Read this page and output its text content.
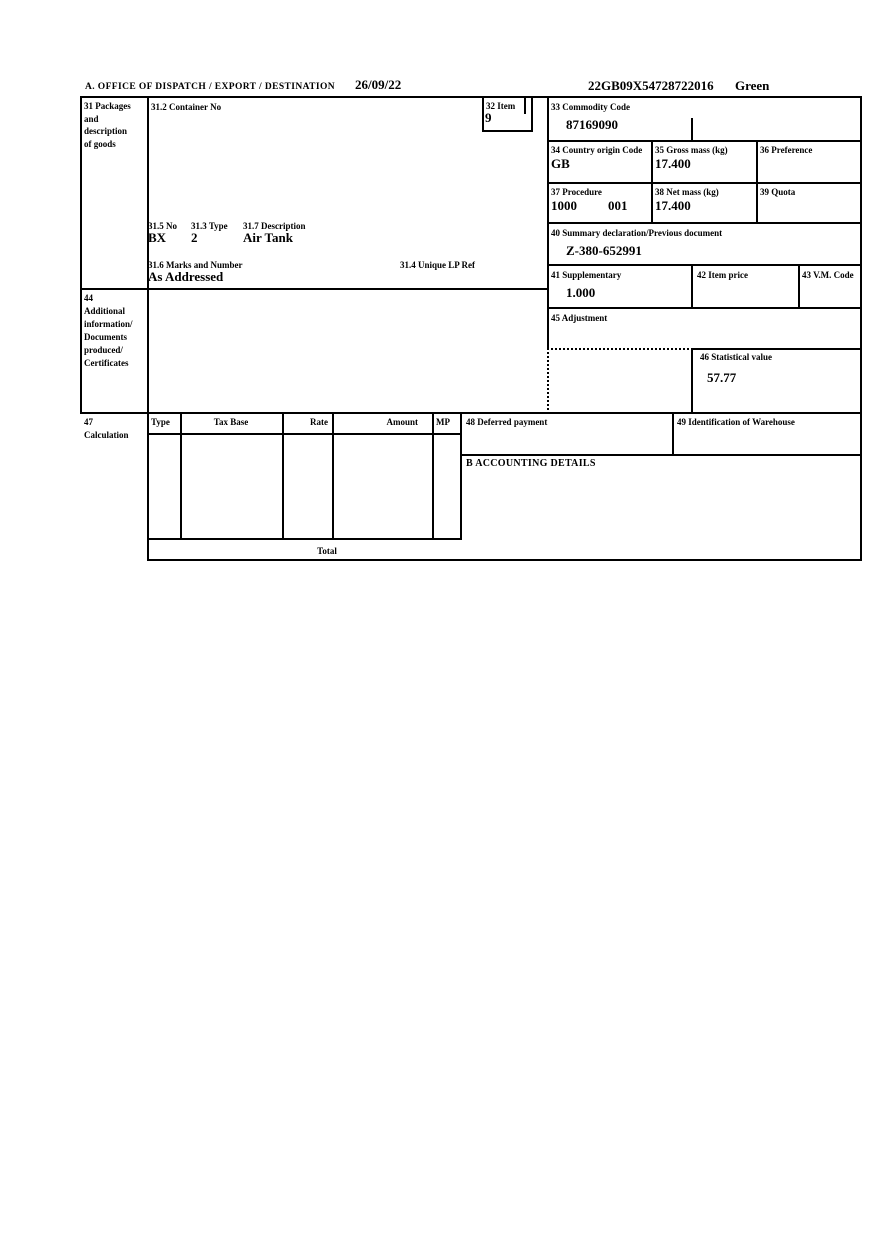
A. OFFICE OF DISPATCH / EXPORT / DESTINATION 26/09/22	22GB09X54728722016 Green
31 Packages
and
description
of goods
31.2 Container No	32 Item
9
33 Commodity Code
87169090
34 Country origin Code
GB
35 Gross mass (kg)
17.400
36 Preference
37 Procedure
1000 001
38 Net mass (kg)
17.400
39 Quota
31.5 No
BX
31.3 Type
2
31.7 Description
Air Tank	40 Summary declaration/Previous document
Z-380-652991
31.6 Marks and Number
As Addressed
31.4 Unique LP Ref
41 Supplementary
1.000
42 Item price	43 V.M. Code
44
Additional
information/
Documents
produced/
Certificates
45 Adjustment
46 Statistical value
57.77
47
Calculation
Type	Tax Base	Rate	Amount MP
Total
48 Deferred payment	49 Identification of Warehouse
B ACCOUNTING DETAILS
